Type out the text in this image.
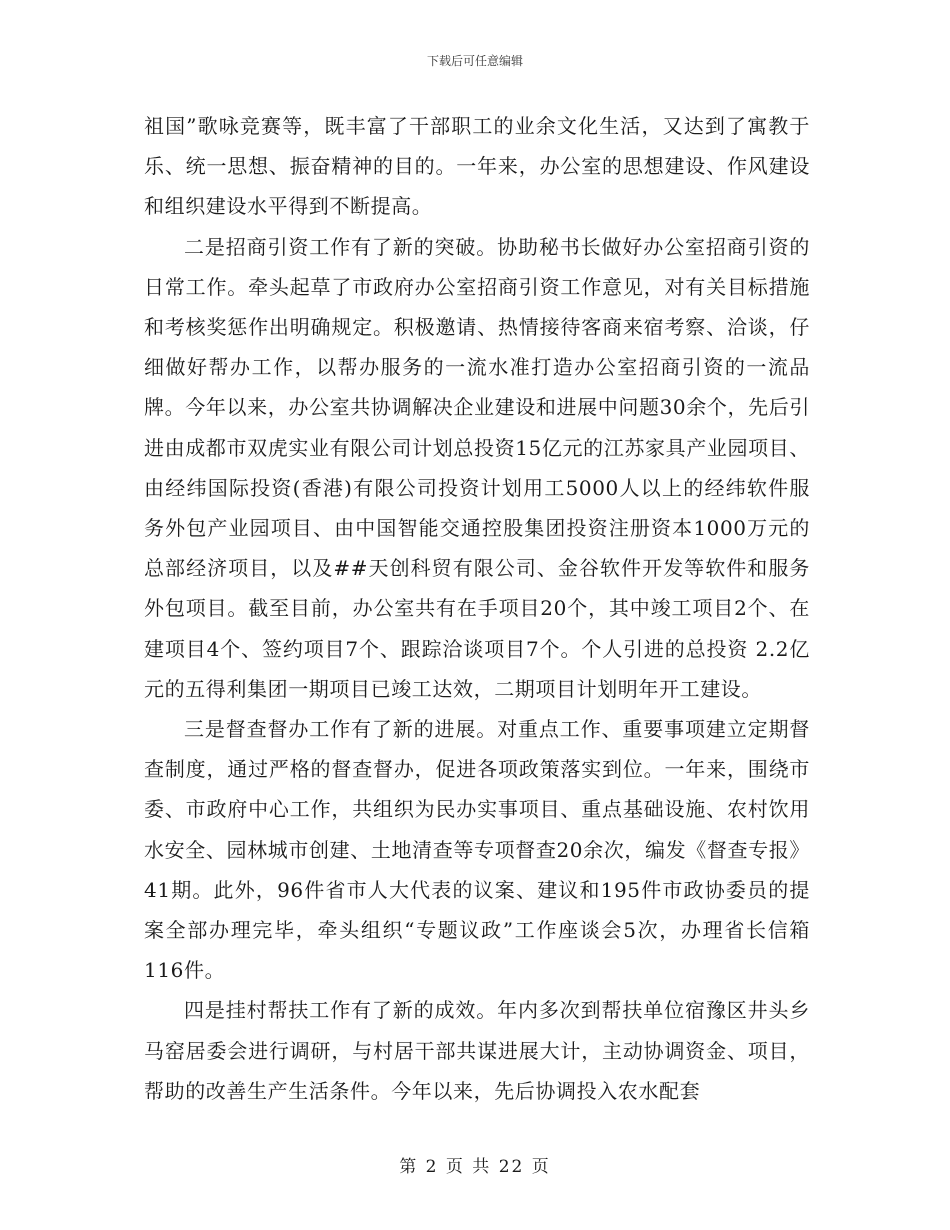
下载后可任意编辑

祖国”歌咏竞赛等，既丰富了干部职工的业余文化生活，又达到了寓教于乐、统一思想、振奋精神的目的。一年来，办公室的思想建设、作风建设和组织建设水平得到不断提高。

二是招商引资工作有了新的突破。协助秘书长做好办公室招商引资的日常工作。牵头起草了市政府办公室招商引资工作意见，对有关目标措施和考核奖惩作出明确规定。积极邀请、热情接待客商来宿考察、洽谈，仔细做好帮办工作，以帮办服务的一流水准打造办公室招商引资的一流品牌。今年以来，办公室共协调解决企业建设和进展中问题30余个，先后引进由成都市双虎实业有限公司计划总投资15亿元的江苏家具产业园项目、由经纬国际投资(香港)有限公司投资计划用工5000人以上的经纬软件服务外包产业园项目、由中国智能交通控股集团投资注册资本1000万元的总部经济项目，以及##天创科贸有限公司、金谷软件开发等软件和服务外包项目。截至目前，办公室共有在手项目20个，其中竣工项目2个、在建项目4个、签约项目7个、跟踪洽谈项目7个。个人引进的总投资 2.2亿元的五得利集团一期项目已竣工达效，二期项目计划明年开工建设。

三是督查督办工作有了新的进展。对重点工作、重要事项建立定期督查制度，通过严格的督查督办，促进各项政策落实到位。一年来，围绕市委、市政府中心工作，共组织为民办实事项目、重点基础设施、农村饮用水安全、园林城市创建、土地清查等专项督查20余次，编发《督查专报》41期。此外，96件省市人大代表的议案、建议和195件市政协委员的提案全部办理完毕，牵头组织“专题议政”工作座谈会5次，办理省长信箱116件。

四是挂村帮扶工作有了新的成效。年内多次到帮扶单位宿豫区井头乡马窑居委会进行调研，与村居干部共谋进展大计，主动协调资金、项目，帮助的改善生产生活条件。今年以来，先后协调投入农水配套

第 2 页 共 22 页
